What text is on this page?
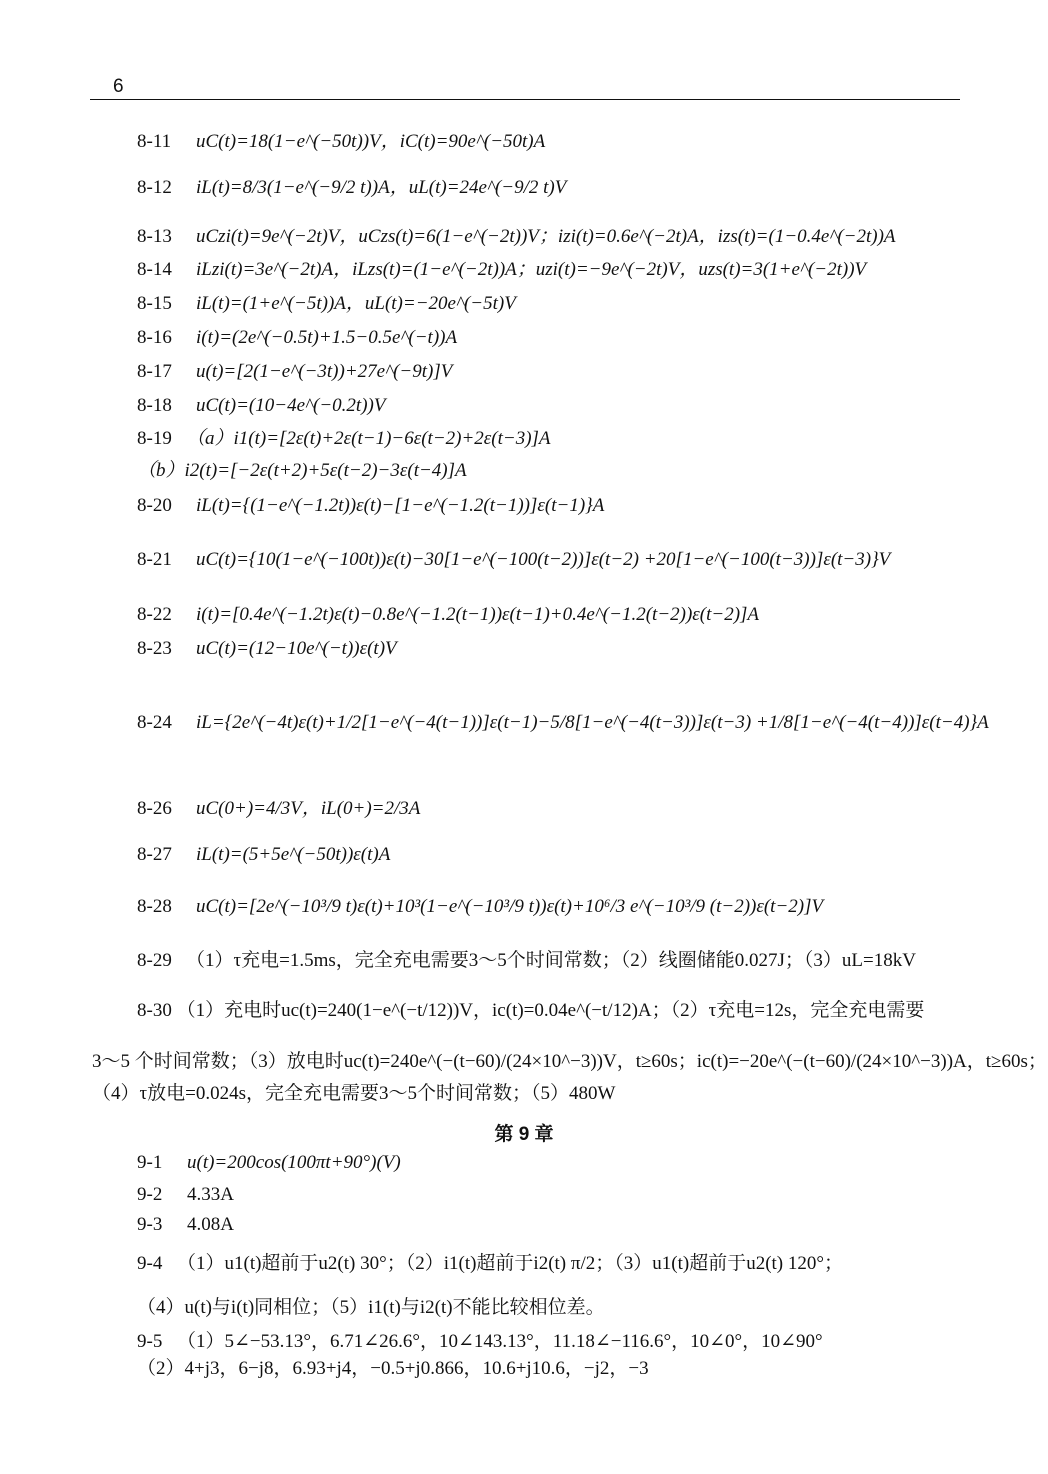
6
8-11 uC(t)=18(1−e^(−50t))V，iC(t)=90e^(−50t)A
8-12 iL(t)=8/3(1−e^(−9/2 t))A，uL(t)=24e^(−9/2 t)V
8-13 uCzi(t)=9e^(−2t)V，uCzs(t)=6(1−e^(−2t))V；izi(t)=0.6e^(−2t)A，izs(t)=(1−0.4e^(−2t))A
8-14 iLzi(t)=3e^(−2t)A，iLzs(t)=(1−e^(−2t))A；uzi(t)=−9e^(−2t)V，uzs(t)=3(1+e^(−2t))V
8-15 iL(t)=(1+e^(−5t))A，uL(t)=−20e^(−5t)V
8-16 i(t)=(2e^(−0.5t)+1.5−0.5e^(−t))A
8-17 u(t)=[2(1−e^(−3t))+27e^(−9t)]V
8-18 uC(t)=(10−4e^(−0.2t))V
8-19 （a）i1(t)=[2ε(t)+2ε(t−1)−6ε(t−2)+2ε(t−3)]A
（b）i2(t)=[−2ε(t+2)+5ε(t−2)−3ε(t−4)]A
8-20 iL(t)={(1−e^(−1.2t))ε(t)−[1−e^(−1.2(t−1))]ε(t−1)}A
8-21 uC(t)={10(1−e^(−100t))ε(t)−30[1−e^(−100(t−2))]ε(t−2) +20[1−e^(−100(t−3))]ε(t−3)}V
8-22 i(t)=[0.4e^(−1.2t)ε(t)−0.8e^(−1.2(t−1))ε(t−1)+0.4e^(−1.2(t−2))ε(t−2)]A
8-23 uC(t)=(12−10e^(−t))ε(t)V
8-24 iL={2e^(−4t)ε(t)+1/2[1−e^(−4(t−1))]ε(t−1)−5/8[1−e^(−4(t−3))]ε(t−3) +1/8[1−e^(−4(t−4))]ε(t−4)}A
8-26 uC(0+)=4/3V，iL(0+)=2/3A
8-27 iL(t)=(5+5e^(−50t))ε(t)A
8-28 uC(t)=[2e^(−10³/9 t)ε(t)+10³(1−e^(−10³/9 t))ε(t)+10⁶/3 e^(−10³/9 (t−2))ε(t−2)]V
8-29 （1）τ充电=1.5ms，完全充电需要3～5个时间常数；（2）线圈储能0.027J；（3）uL=18kV
8-30 （1）充电时uc(t)=240(1−e^(−t/12))V，ic(t)=0.04e^(−t/12)A；（2）τ充电=12s，完全充电需要
3～5 个时间常数；（3）放电时uc(t)=240e^(−(t−60)/(24×10^−3))V，t≥60s；ic(t)=−20e^(−(t−60)/(24×10^−3))A，t≥60s；
（4）τ放电=0.024s，完全充电需要3～5个时间常数；（5）480W
第 9 章
9-1 u(t)=200cos(100πt+90°)(V)
9-2 4.33A
9-3 4.08A
9-4 （1）u1(t)超前于u2(t) 30°；（2）i1(t)超前于i2(t) π/2；（3）u1(t)超前于u2(t) 120°；
（4）u(t)与i(t)同相位；（5）i1(t)与i2(t)不能比较相位差。
9-5 （1）5∠−53.13°，6.71∠26.6°，10∠143.13°，11.18∠−116.6°，10∠0°，10∠90°
（2）4+j3，6−j8，6.93+j4，−0.5+j0.866，10.6+j10.6，−j2，−3
